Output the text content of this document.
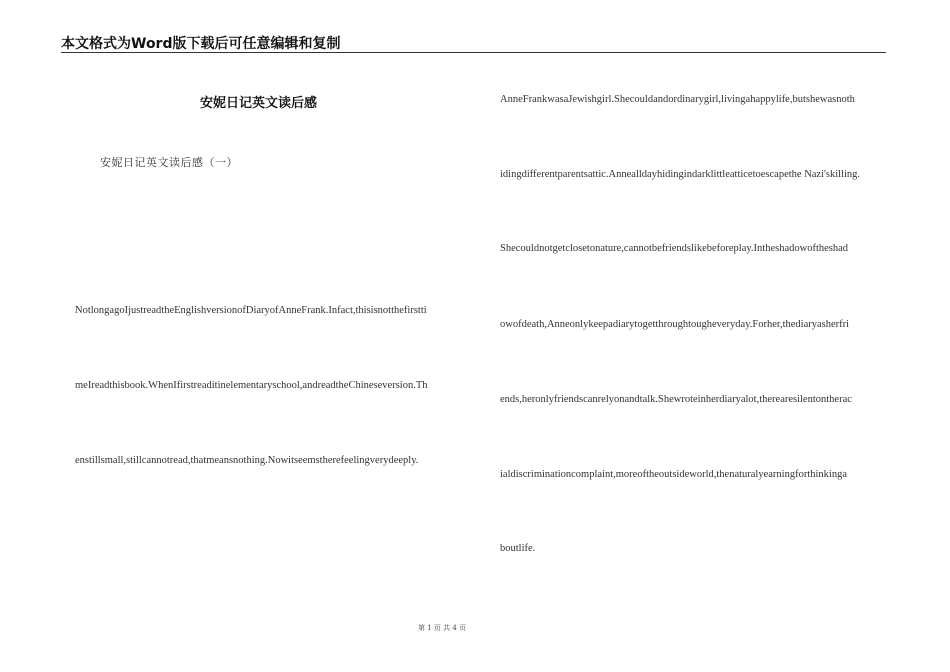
本文格式为Word版下载后可任意编辑和复制
安妮日记英文读后感
安妮日记英文读后感（一）
NotlongagoIjustreadtheEnglishversionofDiaryofAnneFrank.Infact,thisisnotthefirstti
meIreadthisbook.WhenIfirstreaditinelementaryschool,andreadtheChineseversion.Th
enstillsmall,stillcannotread,thatmeansnothing.Nowitseemstherefeelingverydeeply.
AnneFrankwasaJewishgirl.Shecouldandordinarygirl,livingahappylife,butshewasnoth
idingdifferentparentsattic.Annealldayhidingindarklittleatticetoescapethe Nazi'skilling.
Shecouldnotgetclosetonature,cannotbefriendslikebeforeplay.Intheshadowoftheshad
owofdeath,Anneonlykeepadiarytogetthroughtougheveryday.Forher,thediaryasherfri
ends,heronlyfriendscanrelyonandtalk.Shewroteinherdiaryalot,therearesilentontherac
ialdiscriminationcomplaint,moreoftheoutsideworld,thenaturalyearningforthinkinga
boutlife.
第 1 页 共 4 页
